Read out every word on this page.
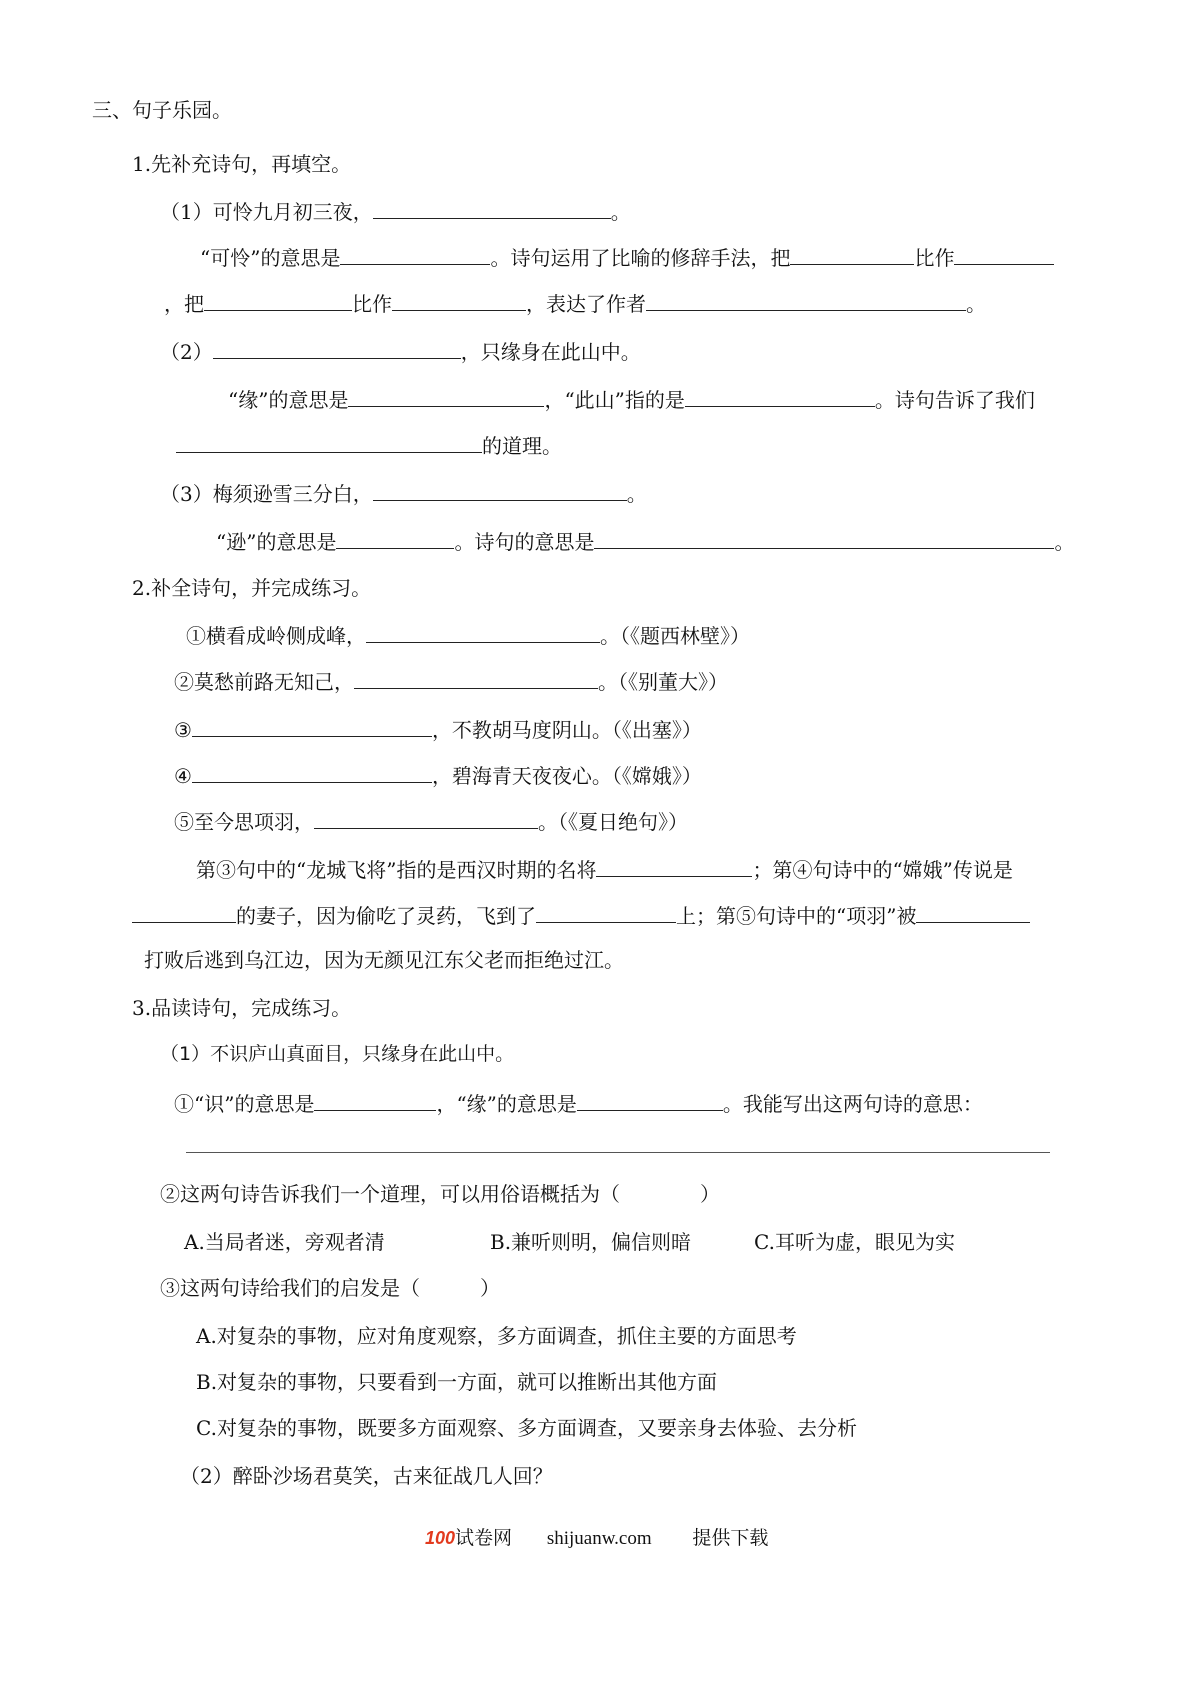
三、句子乐园。
1.先补充诗句，再填空。
（1）可怜九月初三夜，	。
“可怜”的意思是	。诗句运用了比喻的修辞手法，把	比作
，把	比作	，表达了作者	。
（2）	，只缘身在此山中。
“缘”的意思是	，“此山”指的是	。诗句告诉了我们
的道理。
（3）梅须逊雪三分白，	。
“逊”的意思是	。诗句的意思是	。
2.补全诗句，并完成练习。
①横看成岭侧成峰，	。（《题西林壁》）
②莫愁前路无知己，	。（《别董大》）
③	，不教胡马度阴山。（《出塞》）
④	，碧海青天夜夜心。（《嫦娥》）
⑤至今思项羽，	。（《夏日绝句》）
第③句中的“龙城飞将”指的是西汉时期的名将	；第④句诗中的“嫦娥”传说是
的妻子，因为偷吃了灵药，飞到了	上；第⑤句诗中的“项羽”被
打败后逃到乌江边，因为无颜见江东父老而拒绝过江。
3.品读诗句，完成练习。
（1）不识庐山真面目，只缘身在此山中。
①“识”的意思是	，“缘”的意思是	。我能写出这两句诗的意思：
②这两句诗告诉我们一个道理，可以用俗语概括为（　　　　）
A.当局者迷，旁观者清	B.兼听则明，偏信则暗	C.耳听为虚，眼见为实
③这两句诗给我们的启发是（　　　）
A.对复杂的事物，应对角度观察，多方面调查，抓住主要的方面思考
B.对复杂的事物，只要看到一方面，就可以推断出其他方面
C.对复杂的事物，既要多方面观察、多方面调查，又要亲身去体验、去分析
（2）醉卧沙场君莫笑，古来征战几人回？
100试卷网 shijuanw.com 提供下载
